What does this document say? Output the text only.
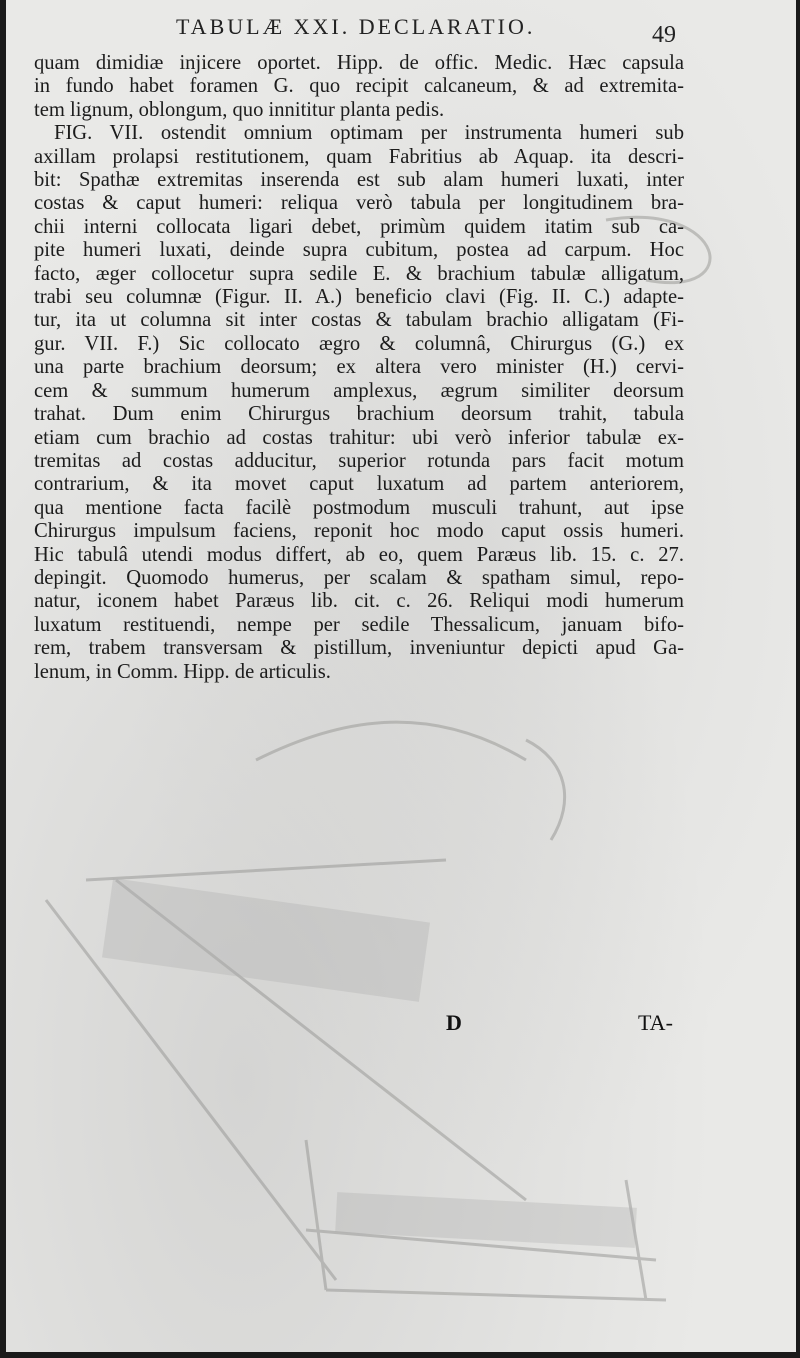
TABULÆ XXI. DECLARATIO.	49
quam dimidiæ injicere oportet. Hipp. de offic. Medic. Hæc capsula
in fundo habet foramen G. quo recipit calcaneum, & ad extremita-
tem lignum, oblongum, quo innititur planta pedis.
FIG. VII. ostendit omnium optimam per instrumenta humeri sub
axillam prolapsi restitutionem, quam Fabritius ab Aquap. ita descri-
bit: Spathæ extremitas inserenda est sub alam humeri luxati, inter
costas & caput humeri: reliqua verò tabula per longitudinem bra-
chii interni collocata ligari debet, primùm quidem itatim sub ca-
pite humeri luxati, deinde supra cubitum, postea ad carpum. Hoc
facto, æger collocetur supra sedile E. & brachium tabulæ alligatum,
trabi seu columnæ (Figur. II. A.) beneficio clavi (Fig. II. C.) adapte-
tur, ita ut columna sit inter costas & tabulam brachio alligatam (Fi-
gur. VII. F.) Sic collocato ægro & columnâ, Chirurgus (G.) ex
una parte brachium deorsum; ex altera vero minister (H.) cervi-
cem & summum humerum amplexus, ægrum similiter deorsum
trahat. Dum enim Chirurgus brachium deorsum trahit, tabula
etiam cum brachio ad costas trahitur: ubi verò inferior tabulæ ex-
tremitas ad costas adducitur, superior rotunda pars facit motum
contrarium, & ita movet caput luxatum ad partem anteriorem,
qua mentione facta facilè postmodum musculi trahunt, aut ipse
Chirurgus impulsum faciens, reponit hoc modo caput ossis humeri.
Hic tabulâ utendi modus differt, ab eo, quem Paræus lib. 15. c. 27.
depingit. Quomodo humerus, per scalam & spatham simul, repo-
natur, iconem habet Paræus lib. cit. c. 26. Reliqui modi humerum
luxatum restituendi, nempe per sedile Thessalicum, januam bifo-
rem, trabem transversam & pistillum, inveniuntur depicti apud Ga-
lenum, in Comm. Hipp. de articulis.
D	TA-
